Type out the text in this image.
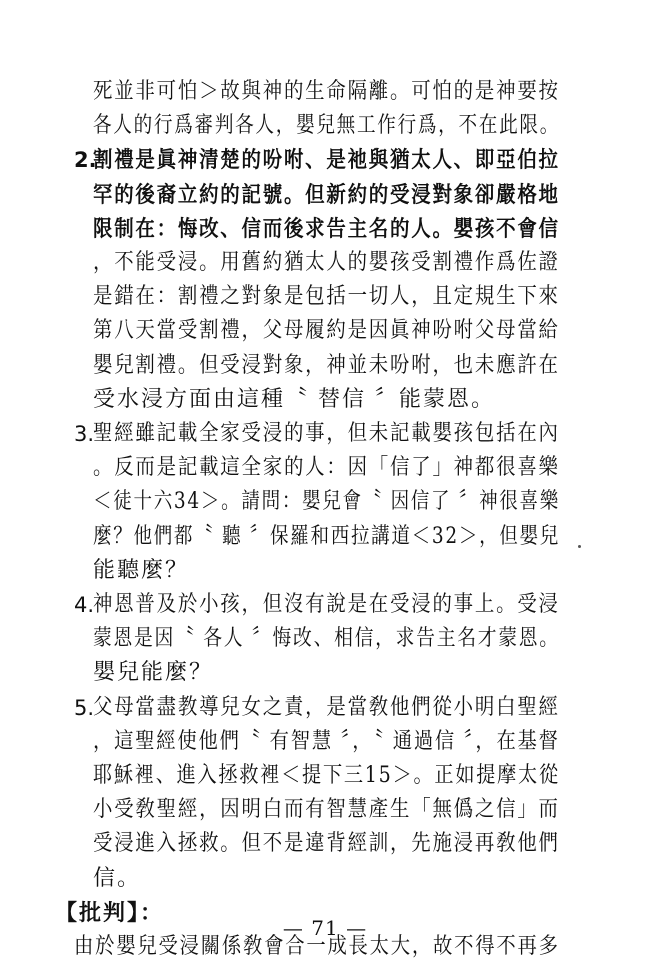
死並非可怕＞故與神的生命隔離。可怕的是神要按
各人的行爲審判各人，嬰兒無工作行爲，不在此限。
2.
割禮是眞神清楚的吩咐、是祂與猶太人、即亞伯拉
罕的後裔立約的記號。但新約的受浸對象卻嚴格地
限制在：悔改、信而後求告主名的人。嬰孩不會信
，不能受浸。用舊約猶太人的嬰孩受割禮作爲佐證
是錯在：割禮之對象是包括一切人，且定規生下來
第八天當受割禮，父母履約是因眞神吩咐父母當給
嬰兒割禮。但受浸對象，神並未吩咐，也未應許在
受水浸方面由這種〝 替信 〞能蒙恩。
3.
聖經雖記載全家受浸的事，但未記載嬰孩包括在內
。反而是記載這全家的人：因「信了」神都很喜樂
＜徒十六34＞。請問：嬰兒會〝 因信了 〞神很喜樂
麼？他們都〝 聽 〞保羅和西拉講道＜32＞，但嬰兒
能聽麼？
4.
神恩普及於小孩，但沒有說是在受浸的事上。受浸
蒙恩是因〝 各人 〞悔改、相信，求告主名才蒙恩。
嬰兒能麼？
5.
父母當盡教導兒女之責，是當敎他們從小明白聖經
，這聖經使他們〝 有智慧 〞，〝 通過信 〞，在基督
耶穌裡、進入拯救裡＜提下三15＞。正如提摩太從
小受敎聖經，因明白而有智慧產生「無僞之信」而
受浸進入拯救。但不是違背經訓，先施浸再敎他們
信。
【批判】：
由於嬰兒受浸關係敎會合一成長太大，故不得不再多
— 71 —
